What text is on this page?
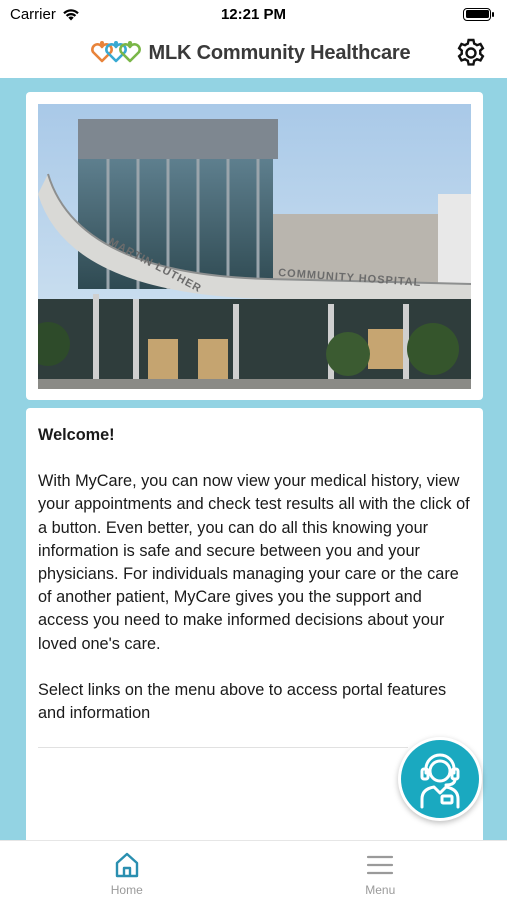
Carrier	12:21 PM
MLK Community Healthcare
MARTIN LUTHER	COMMUNITY HOSPITAL
Welcome!

With MyCare, you can now view your medical history, view your appointments and check test results all with the click of a button. Even better, you can do all this knowing your information is safe and secure between you and your physicians. For individuals managing your care or the care of another patient, MyCare gives you the support and access you need to make informed decisions about your loved one's care.

Select links on the menu above to access portal features and information

Home	Menu
